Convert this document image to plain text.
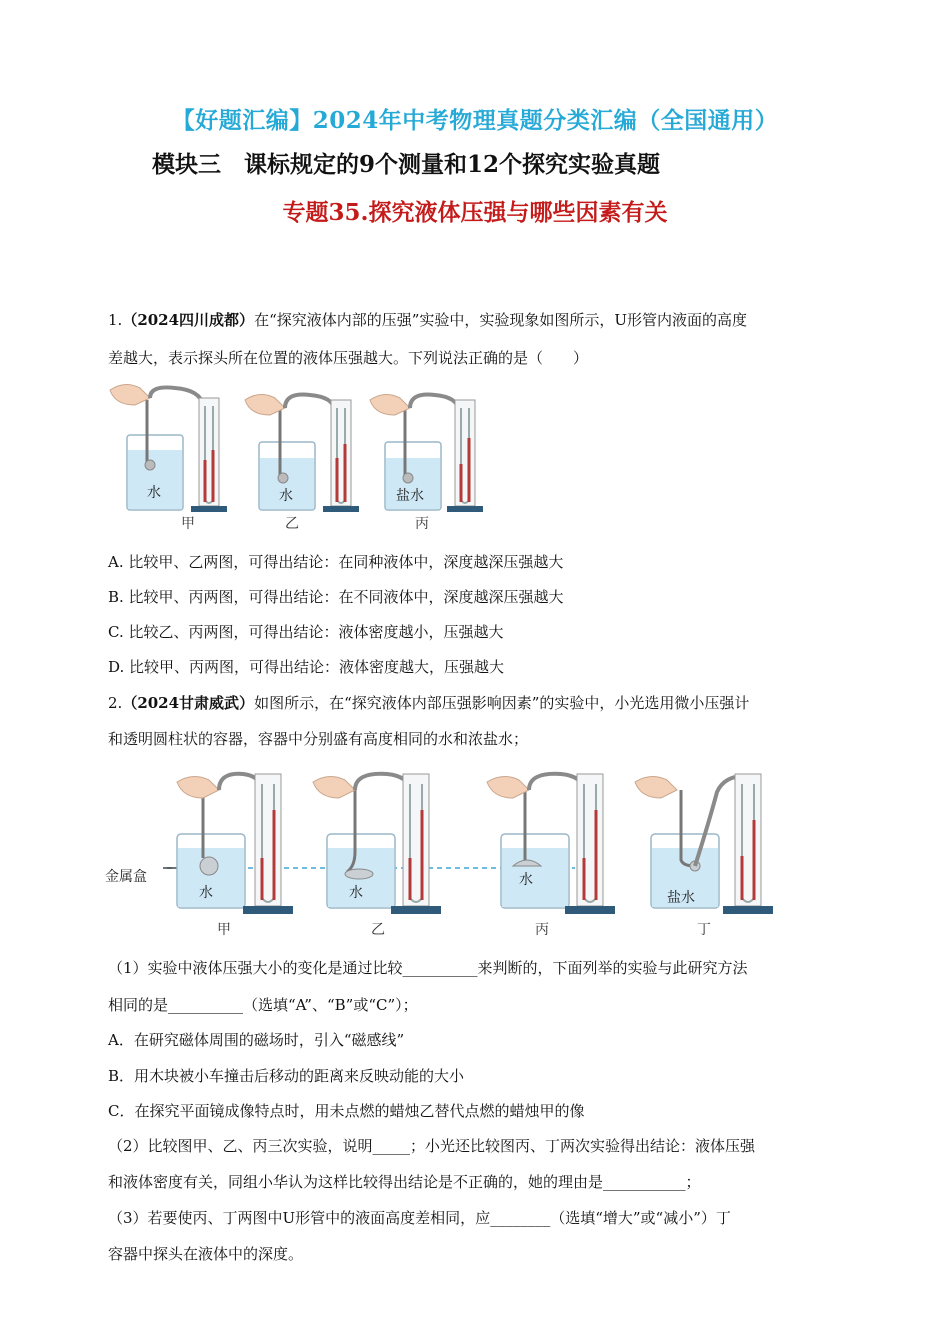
【好题汇编】2024年中考物理真题分类汇编（全国通用）
模块三　课标规定的9个测量和12个探究实验真题
专题35.探究液体压强与哪些因素有关
1.（2024四川成都）在“探究液体内部的压强”实验中，实验现象如图所示，U形管内液面的高度
差越大，表示探头所在位置的液体压强越大。下列说法正确的是（　　）
水
甲
水
乙
盐水
丙
A. 比较甲、乙两图，可得出结论：在同种液体中，深度越深压强越大
B. 比较甲、丙两图，可得出结论：在不同液体中，深度越深压强越大
C. 比较乙、丙两图，可得出结论：液体密度越小，压强越大
D. 比较甲、丙两图，可得出结论：液体密度越大，压强越大
2.（2024甘肃威武）如图所示，在“探究液体内部压强影响因素”的实验中，小光选用微小压强计
和透明圆柱状的容器，容器中分别盛有高度相同的水和浓盐水；
金属盒
水
甲
水
乙
水
丙
盐水
丁
（1）实验中液体压强大小的变化是通过比较__________来判断的，下面列举的实验与此研究方法
相同的是__________（选填“A”、“B”或“C”）；
A．在研究磁体周围的磁场时，引入“磁感线”
B．用木块被小车撞击后移动的距离来反映动能的大小
C．在探究平面镜成像特点时，用未点燃的蜡烛乙替代点燃的蜡烛甲的像
（2）比较图甲、乙、丙三次实验，说明_____；小光还比较图丙、丁两次实验得出结论：液体压强
和液体密度有关，同组小华认为这样比较得出结论是不正确的，她的理由是___________；
（3）若要使丙、丁两图中U形管中的液面高度差相同，应________（选填“增大”或“减小”）丁
容器中探头在液体中的深度。
